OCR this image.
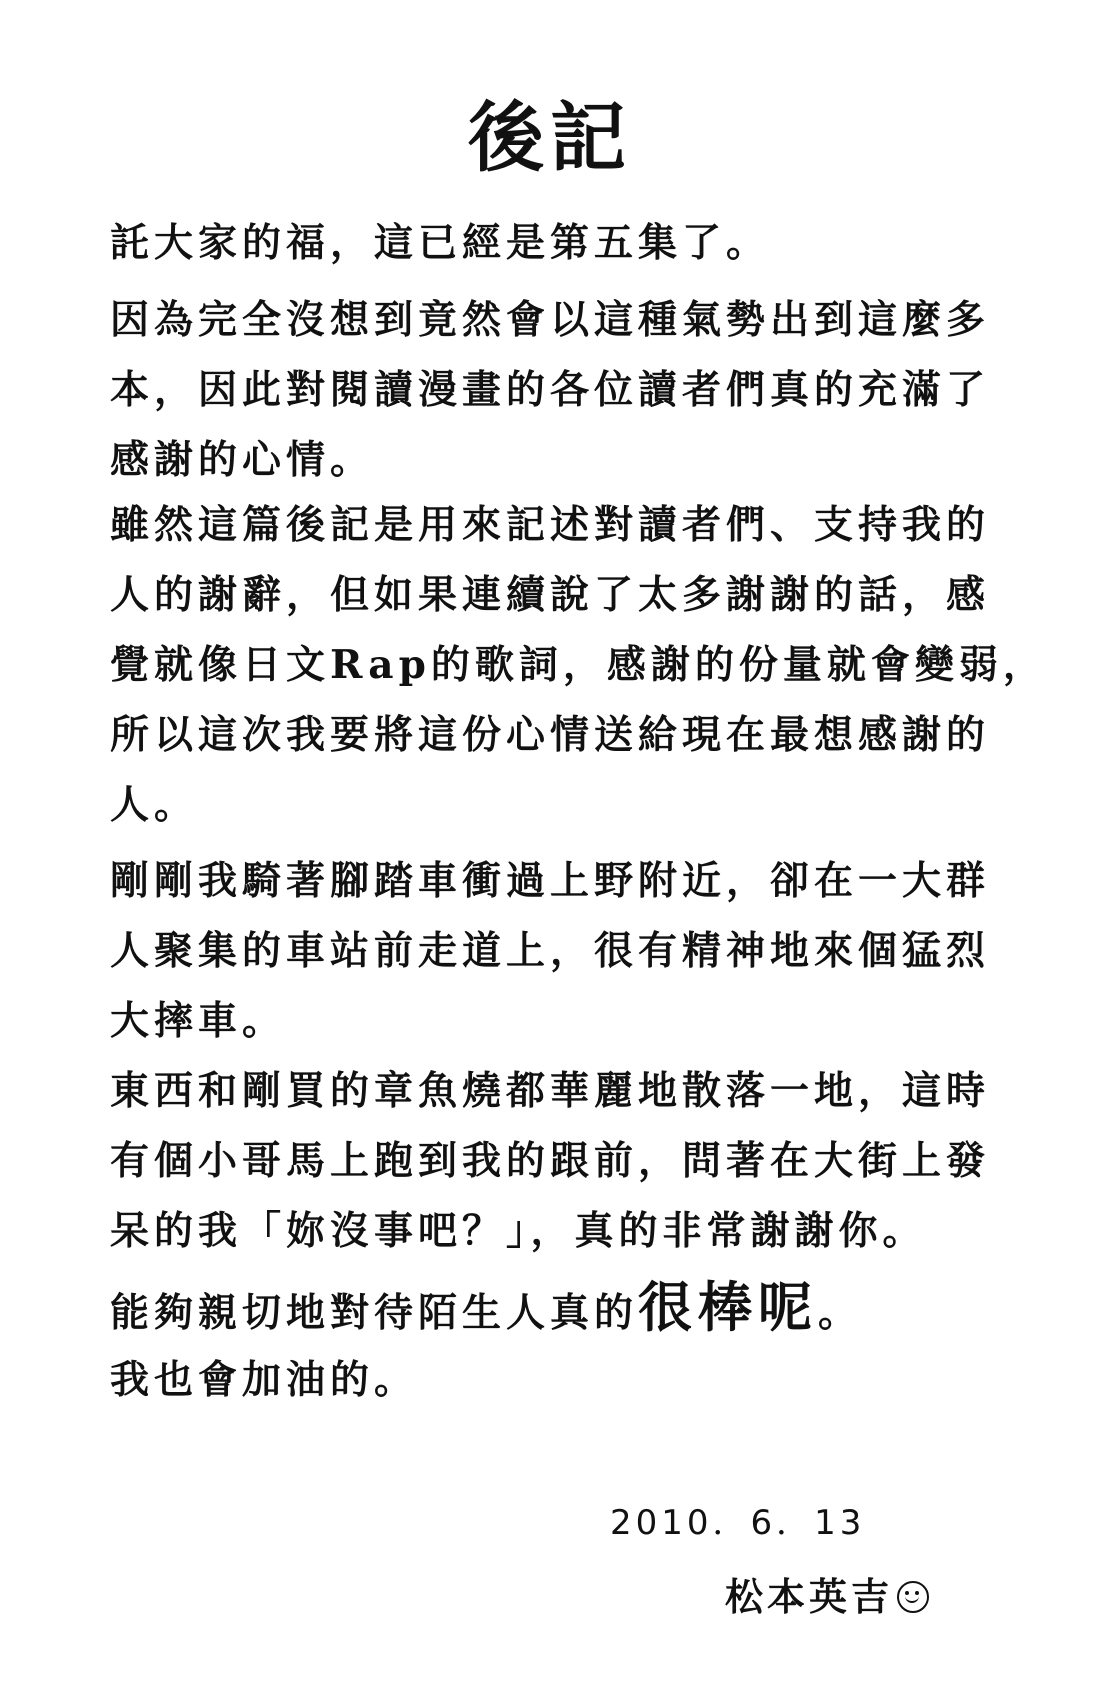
後記
託大家的福，這已經是第五集了。
因為完全沒想到竟然會以這種氣勢出到這麼多
本，因此對閱讀漫畫的各位讀者們真的充滿了
感謝的心情。
雖然這篇後記是用來記述對讀者們、支持我的
人的謝辭，但如果連續說了太多謝謝的話，感
覺就像日文Rap的歌詞，感謝的份量就會變弱，
所以這次我要將這份心情送給現在最想感謝的
人。
剛剛我騎著腳踏車衝過上野附近，卻在一大群
人聚集的車站前走道上，很有精神地來個猛烈
大摔車。
東西和剛買的章魚燒都華麗地散落一地，這時
有個小哥馬上跑到我的跟前，問著在大街上發
呆的我「妳沒事吧？」，真的非常謝謝你。
能夠親切地對待陌生人真的很棒呢。
我也會加油的。
2010．6．13
松本英吉
